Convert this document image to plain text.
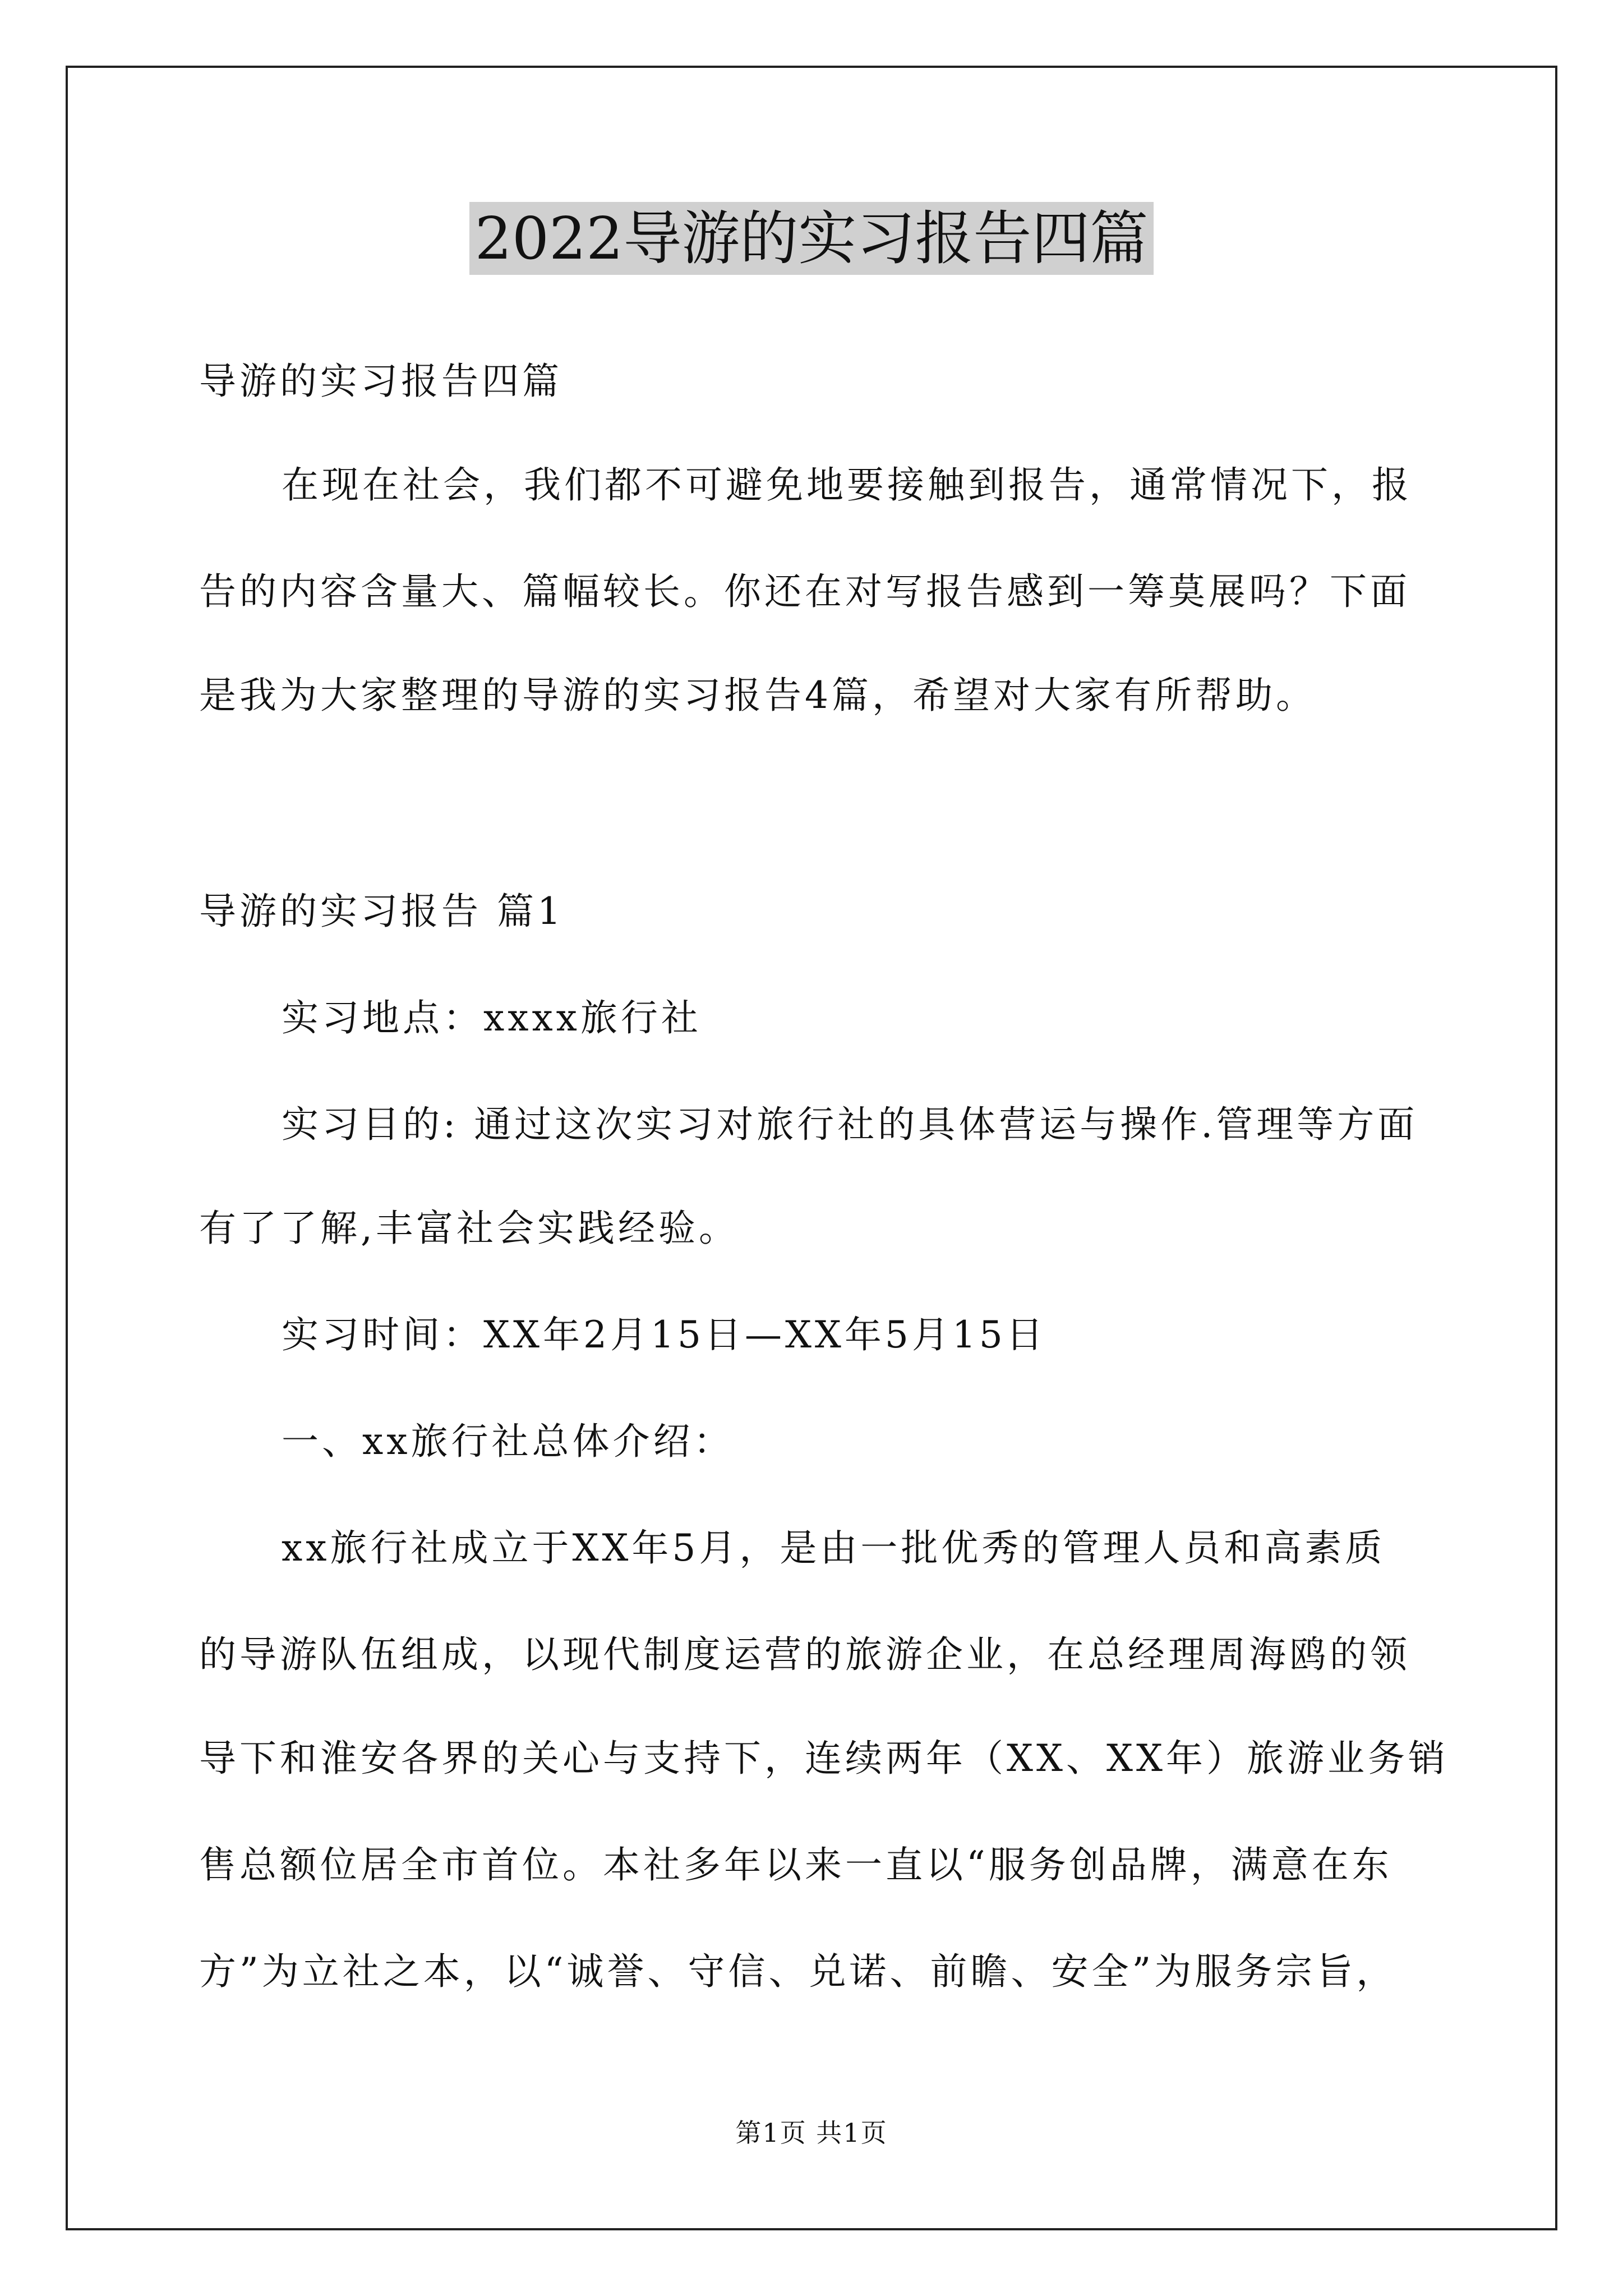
2022导游的实习报告四篇
导游的实习报告四篇
在现在社会，我们都不可避免地要接触到报告，通常情况下，报
告的内容含量大、篇幅较长。你还在对写报告感到一筹莫展吗？下面
是我为大家整理的导游的实习报告4篇，希望对大家有所帮助。
导游的实习报告 篇1
实习地点：xxxx旅行社
实习目的: 通过这次实习对旅行社的具体营运与操作.管理等方面
有了了解,丰富社会实践经验。
实习时间：XX年2月15日—XX年5月15日
一、xx旅行社总体介绍：
xx旅行社成立于XX年5月，是由一批优秀的管理人员和高素质
的导游队伍组成，以现代制度运营的旅游企业，在总经理周海鸥的领
导下和淮安各界的关心与支持下，连续两年（XX、XX年）旅游业务销
售总额位居全市首位。本社多年以来一直以“服务创品牌，满意在东
方”为立社之本，以“诚誉、守信、兑诺、前瞻、安全”为服务宗旨，
第1页 共1页
